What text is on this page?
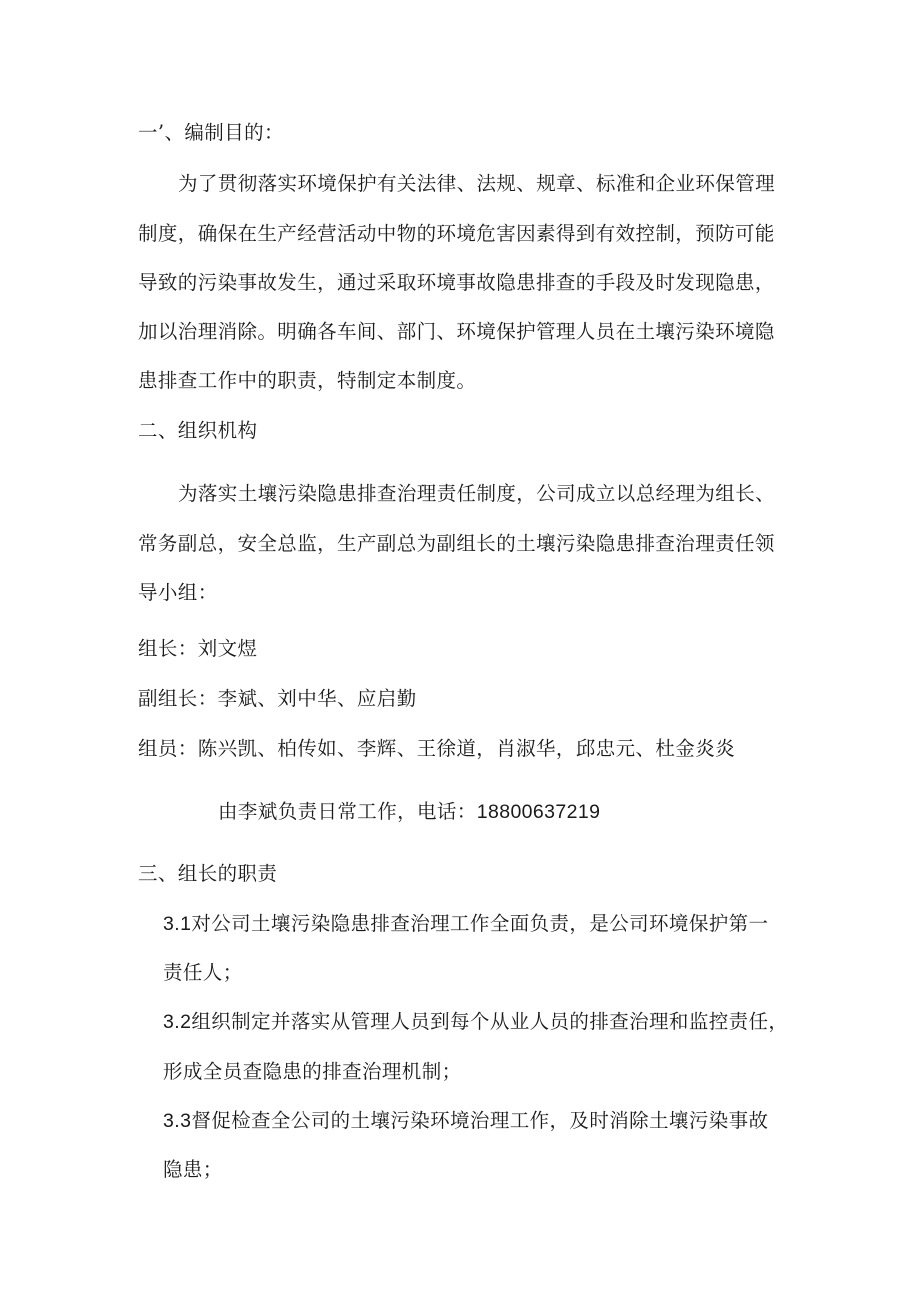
一’、编制目的：
为了贯彻落实环境保护有关法律、法规、规章、标准和企业环保管理
制度，确保在生产经营活动中物的环境危害因素得到有效控制，预防可能
导致的污染事故发生，通过采取环境事故隐患排查的手段及时发现隐患，
加以治理消除。明确各车间、部门、环境保护管理人员在土壤污染环境隐
患排查工作中的职责，特制定本制度。
二、组织机构
为落实土壤污染隐患排查治理责任制度，公司成立以总经理为组长、
常务副总，安全总监，生产副总为副组长的土壤污染隐患排查治理责任领
导小组：
组长：刘文煜
副组长：李斌、刘中华、应启勤
组员：陈兴凯、柏传如、李辉、王徐道，肖淑华，邱忠元、杜金炎炎
由李斌负责日常工作，电话：18800637219
三、组长的职责
3.1对公司土壤污染隐患排查治理工作全面负责，是公司环境保护第一
责任人；
3.2组织制定并落实从管理人员到每个从业人员的排查治理和监控责任，
形成全员查隐患的排查治理机制；
3.3督促检查全公司的土壤污染环境治理工作，及时消除土壤污染事故
隐患；
